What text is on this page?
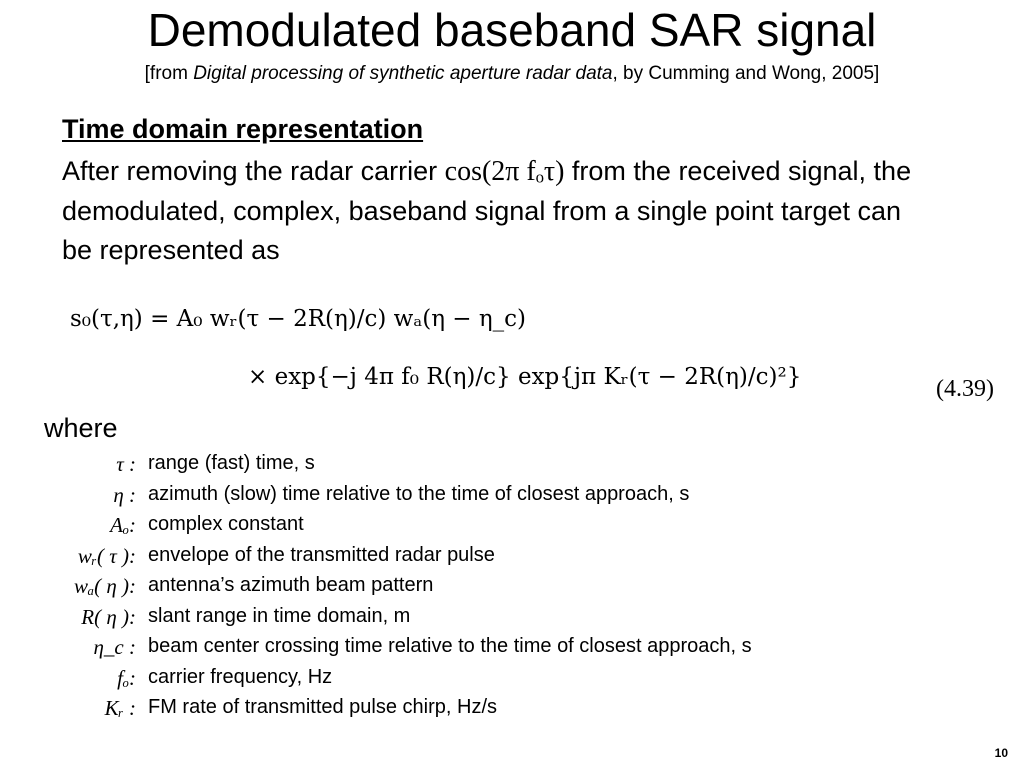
Demodulated baseband SAR signal
[from Digital processing of synthetic aperture radar data, by Cumming and Wong, 2005]
Time domain representation
After removing the radar carrier cos(2π fₒτ) from the received signal, the demodulated, complex, baseband signal from a single point target can be represented as
s₀(τ,η) = A₀ wᵣ(τ − 2R(η)/c) wₐ(η − η_c)
× exp{−j 4π f₀ R(η)/c} exp{jπ Kᵣ(τ − 2R(η)/c)²}	(4.39)
where
τ : range (fast) time, s
η : azimuth (slow) time relative to the time of closest approach, s
Aₒ: complex constant
wᵣ( τ ): envelope of the transmitted radar pulse
wₐ( η ): antenna’s azimuth beam pattern
R( η ): slant range in time domain, m
η_c : beam center crossing time relative to the time of closest approach, s
fₒ: carrier frequency, Hz
Kᵣ : FM rate of transmitted pulse chirp, Hz/s
10
